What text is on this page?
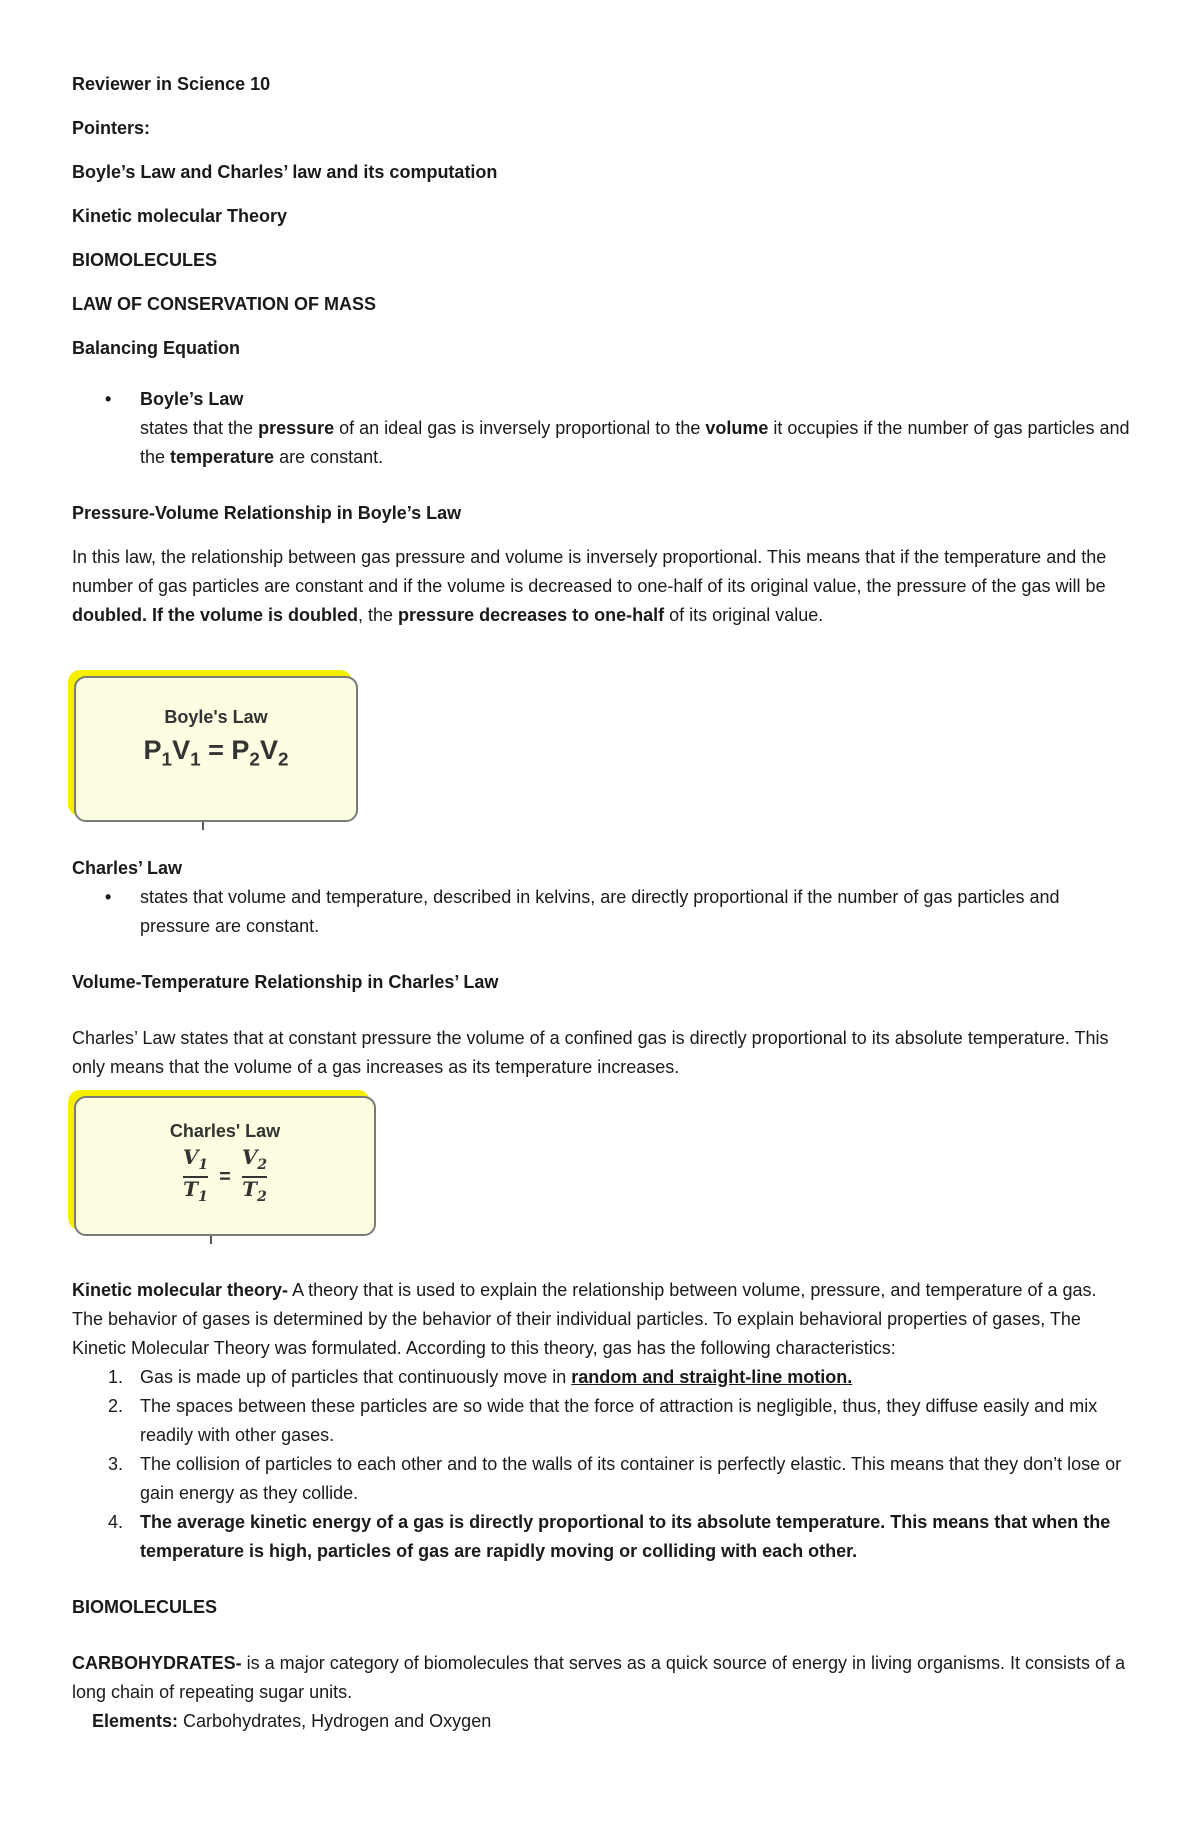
Reviewer in Science 10

Pointers:

Boyle’s Law and Charles’ law and its computation

Kinetic molecular Theory

BIOMOLECULES

LAW OF CONSERVATION OF MASS

Balancing Equation

• Boyle’s Law

states that the pressure of an ideal gas is inversely proportional to the volume it occupies if the number of gas particles and the temperature are constant.

Pressure-Volume Relationship in Boyle’s Law

In this law, the relationship between gas pressure and volume is inversely proportional. This means that if the temperature and the number of gas particles are constant and if the volume is decreased to one-half of its original value, the pressure of the gas will be doubled. If the volume is doubled, the pressure decreases to one-half of its original value.

Boyle's Law
$P_1V_1 = P_2V_2$

Charles’ Law

• states that volume and temperature, described in kelvins, are directly proportional if the number of gas particles and pressure are constant.

Volume-Temperature Relationship in Charles’ Law

Charles’ Law states that at constant pressure the volume of a confined gas is directly proportional to its absolute temperature. This only means that the volume of a gas increases as its temperature increases.

Charles' Law
$\frac{V_1}{T_1} = \frac{V_2}{T_2}$

Kinetic molecular theory- A theory that is used to explain the relationship between volume, pressure, and temperature of a gas.

The behavior of gases is determined by the behavior of their individual particles. To explain behavioral properties of gases, The Kinetic Molecular Theory was formulated. According to this theory, gas has the following characteristics:

1. Gas is made up of particles that continuously move in random and straight-line motion.
2. The spaces between these particles are so wide that the force of attraction is negligible, thus, they diffuse easily and mix readily with other gases.
3. The collision of particles to each other and to the walls of its container is perfectly elastic. This means that they don’t lose or gain energy as they collide.
4. The average kinetic energy of a gas is directly proportional to its absolute temperature. This means that when the temperature is high, particles of gas are rapidly moving or colliding with each other.

BIOMOLECULES

CARBOHYDRATES- is a major category of biomolecules that serves as a quick source of energy in living organisms. It consists of a long chain of repeating sugar units.

Elements: Carbohydrates, Hydrogen and Oxygen
